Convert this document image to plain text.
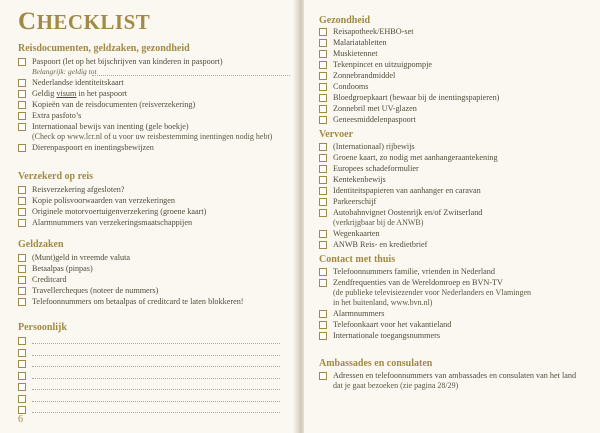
CHECKLIST
Reisdocumenten, geldzaken, gezondheid
Paspoort (let op het bijschrijven van kinderen in paspoort)
Belangrijk: geldig tot
Nederlandse identiteitskaart
Geldig visum in het paspoort
Kopieën van de reisdocumenten (reisverzekering)
Extra pasfoto’s
Internationaal bewijs van inenting (gele boekje)
(Check op www.lcr.nl of u voor uw reisbestemming inentingen nodig hebt)
Dierenpaspoort en inentingsbewijzen
Verzekerd op reis
Reisverzekering afgesloten?
Kopie polisvoorwaarden van verzekeringen
Originele motorvoertuigenverzekering (groene kaart)
Alarmnummers van verzekeringsmaatschappijen
Geldzaken
(Munt)geld in vreemde valuta
Betaalpas (pinpas)
Creditcard
Travellercheques (noteer de nummers)
Telefoonnummers om betaalpas of creditcard te laten blokkeren!
Persoonlijk
6
Gezondheid
Reisapotheek/EHBO-set
Malariatabletten
Muskietennet
Tekenpincet en uitzuigpompje
Zonnebrandmiddel
Condooms
Bloedgroepkaart (bewaar bij de inentingspapieren)
Zonnebril met UV-glazen
Geneesmiddelenpaspoort
Vervoer
(Internationaal) rijbewijs
Groene kaart, zo nodig met aanhangeraantekening
Europees schadeformulier
Kentekenbewijs
Identiteitspapieren van aanhanger en caravan
Parkeerschijf
Autobahnvignet Oostenrijk en/of Zwitserland
(verkrijgbaar bij de ANWB)
Wegenkaarten
ANWB Reis- en kredietbrief
Contact met thuis
Telefoonnummers familie, vrienden in Nederland
Zendfrequenties van de Wereldomroep en BVN-TV
(de publieke televisiezender voor Nederlanders en Vlamingen
in het buitenland, www.bvn.nl)
Alarmnummers
Telefoonkaart voor het vakantieland
Internationale toegangsnummers
Ambassades en consulaten
Adressen en telefoonnummers van ambassades en consulaten van het land
dat je gaat bezoeken (zie pagina 28/29)
